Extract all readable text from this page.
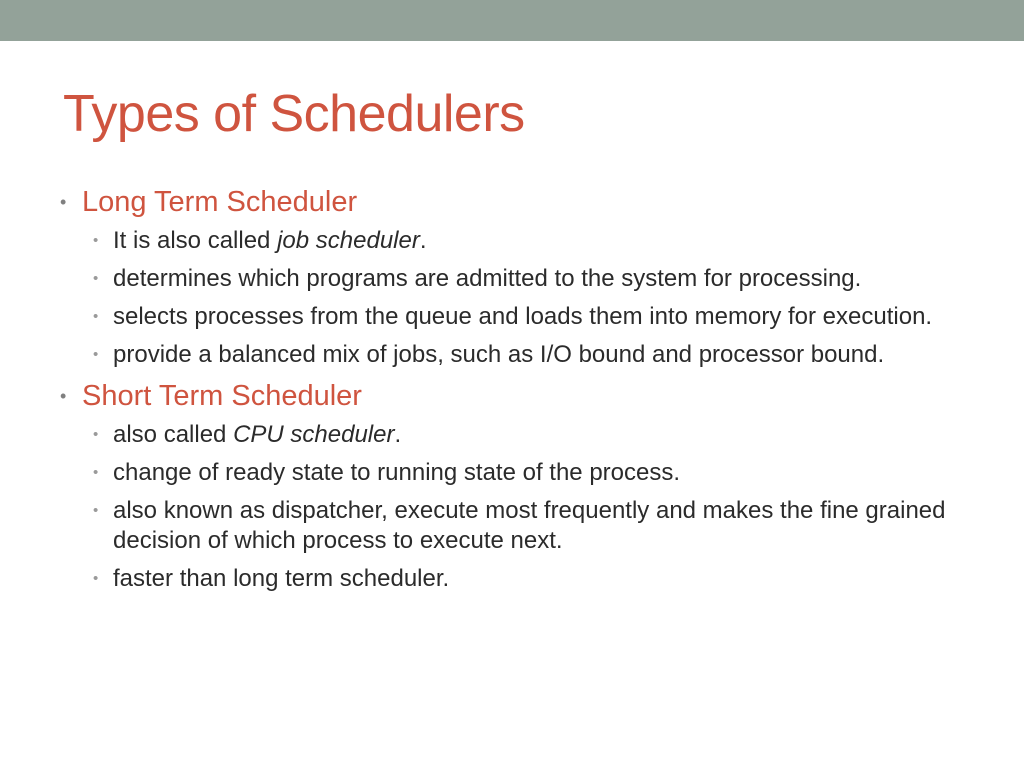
Types of Schedulers
• Long Term Scheduler
• It is also called job scheduler.
• determines which programs are admitted to the system for processing.
• selects processes from the queue and loads them into memory for execution.
• provide a balanced mix of jobs, such as I/O bound and processor bound.
• Short Term Scheduler
• also called CPU scheduler.
• change of ready state to running state of the process.
• also known as dispatcher, execute most frequently and makes the fine grained decision of which process to execute next.
• faster than long term scheduler.
